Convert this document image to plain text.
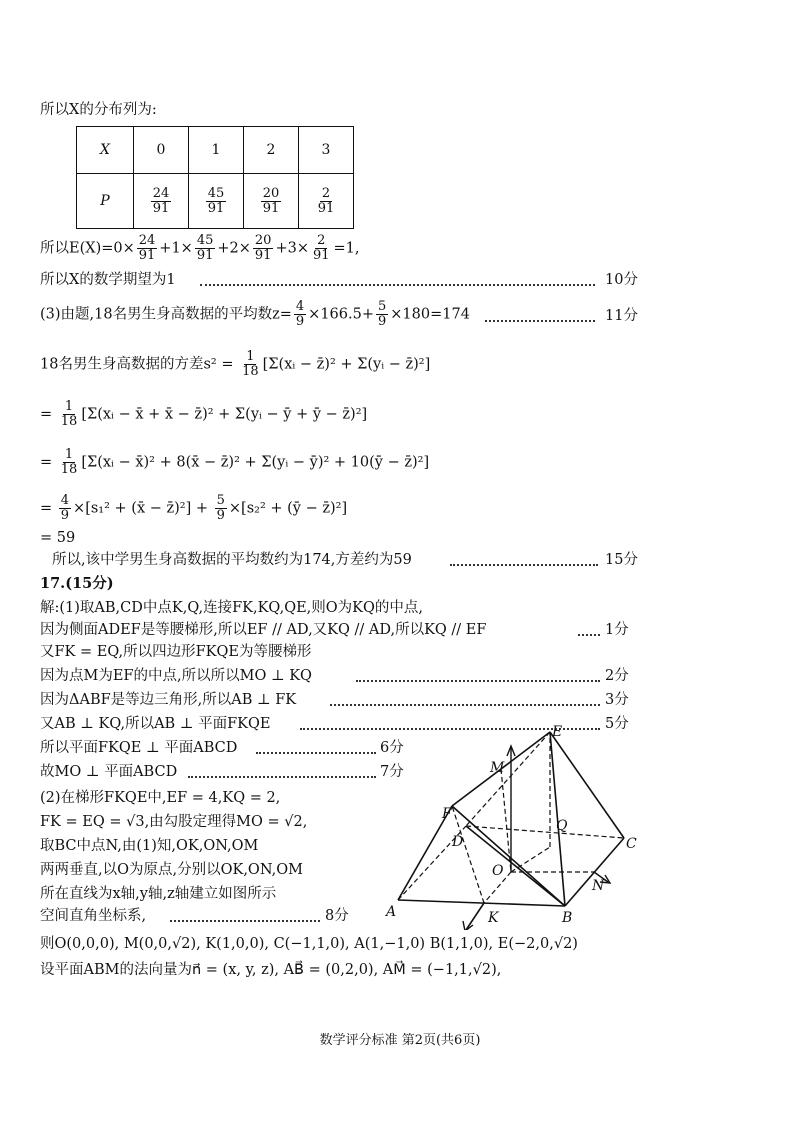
所以X的分布列为:
X	0	1	2	3
P	$\frac{24}{91}$	$\frac{45}{91}$	$\frac{20}{91}$	$\frac{2}{91}$
所以$E(X)=0\times \frac{24}{91} +1\times \frac{45}{91} +2\times \frac{20}{91} +3\times \frac{2}{91} =1$,
所以X的数学期望为1	10分
(3)由题,18名男生身高数据的平均数$z= \frac{4}{9} \times 166.5+ \frac{5}{9} \times 180=174$	11分
18名男生身高数据的方差$s^2 = \frac{1}{18}$ [Σ(xᵢ − z̄)² + Σ(yᵢ − z̄)²]
= $\frac{1}{18}$ [Σ(xᵢ − x̄ + x̄ − z̄)² + Σ(yᵢ − ȳ + ȳ − z̄)²]
= $\frac{1}{18}$ [Σ(xᵢ − x̄)² + 8(x̄ − z̄)² + Σ(yᵢ − ȳ)² + 10(ȳ − z̄)²]
= $\frac{4}{9} \times[s_1^2$ + (x̄ − z̄)²] + $\frac{5}{9} \times[s_2^2$ + (ȳ − z̄)²]
= 59
所以,该中学男生身高数据的平均数约为174,方差约为59	15分
17.(15分)
解:(1)取AB,CD中点K,Q,连接FK,KQ,QE,则O为KQ的中点,
因为侧面ADEF是等腰梯形,所以EF // AD,又KQ // AD,所以KQ // EF	1分
又FK = EQ,所以四边形FKQE为等腰梯形
因为点M为EF的中点,所以所以MO ⊥ KQ	2分
因为ΔABF是等边三角形,所以AB ⊥ FK	3分
又AB ⊥ KQ,所以AB ⊥ 平面FKQE	5分
所以平面FKQE ⊥ 平面ABCD	6分
故MO ⊥ 平面ABCD	7分
(2)在梯形FKQE中,EF = 4,KQ = 2,
FK = EQ = √3,由勾股定理得MO = √2,
取BC中点N,由(1)知,OK,ON,OM
两两垂直,以O为原点,分别以OK,ON,OM
所在直线为x轴,y轴,z轴建立如图所示
空间直角坐标系,	8分
则O(0,0,0), M(0,0,√2), K(1,0,0), C(−1,1,0), A(1,−1,0) B(1,1,0), E(−2,0,√2)
设平面ABM的法向量为n⃗ = (x, y, z), AB⃗ = (0,2,0), AM⃗ = (−1,1,√2),
E
M
F
Q
D	C
O
N
A	K	B
数学评分标准 第2页(共6页)
